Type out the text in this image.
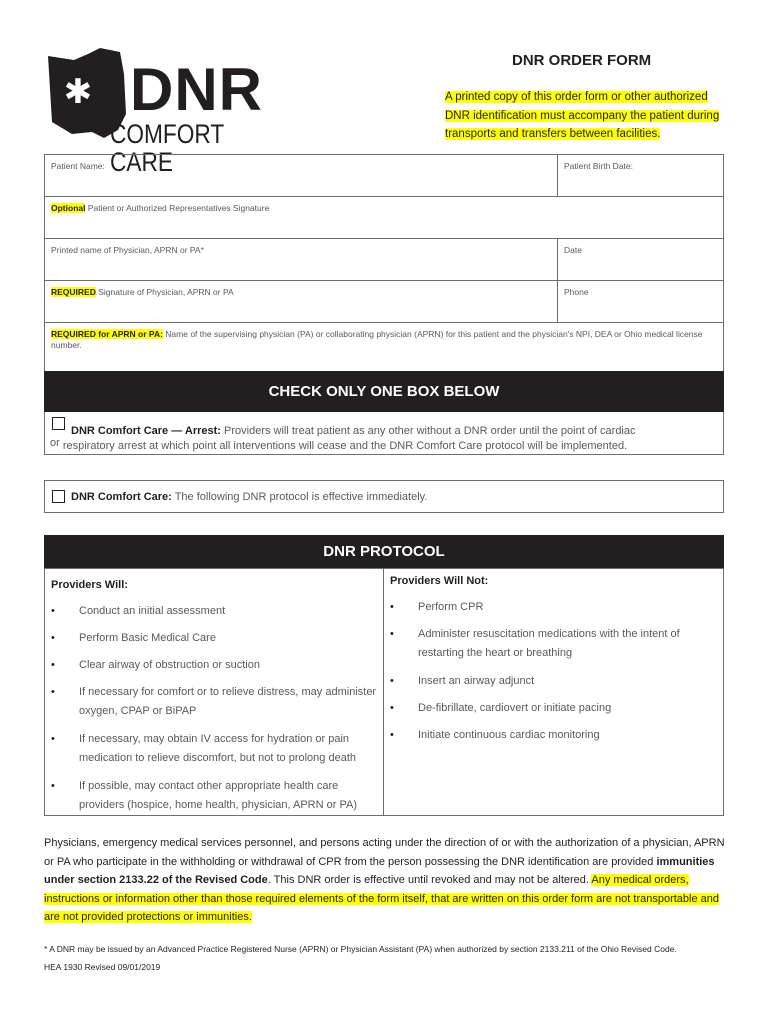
✱ DNR
COMFORT CARE
DNR ORDER FORM
A printed copy of this order form or other authorized DNR identification must accompany the patient during transports and transfers between facilities.
Patient Name:	Patient Birth Date:
Optional Patient or Authorized Representatives Signature
Printed name of Physician, APRN or PA*	Date
REQUIRED Signature of Physician, APRN or PA	Phone
REQUIRED for APRN or PA: Name of the supervising physician (PA) or collaborating physician (APRN) for this patient and the physician's NPI, DEA or Ohio medical license number.
CHECK ONLY ONE BOX BELOW
DNR Comfort Care — Arrest: Providers will treat patient as any other without a DNR order until the point of cardiac
or respiratory arrest at which point all interventions will cease and the DNR Comfort Care protocol will be implemented.
DNR Comfort Care: The following DNR protocol is effective immediately.
DNR PROTOCOL
Providers Will:
• Conduct an initial assessment
• Perform Basic Medical Care
• Clear airway of obstruction or suction
• If necessary for comfort or to relieve distress, may administer
oxygen, CPAP or BiPAP
• If necessary, may obtain IV access for hydration or pain
medication to relieve discomfort, but not to prolong death
• If possible, may contact other appropriate health care
providers (hospice, home health, physician, APRN or PA)
Providers Will Not:
• Perform CPR
• Administer resuscitation medications with the intent of
restarting the heart or breathing
• Insert an airway adjunct
• De-fibrillate, cardiovert or initiate pacing
• Initiate continuous cardiac monitoring
Physicians, emergency medical services personnel, and persons acting under the direction of or with the authorization of a physician, APRN or PA who participate in the withholding or withdrawal of CPR from the person possessing the DNR identification are provided immunities under section 2133.22 of the Revised Code. This DNR order is effective until revoked and may not be altered. Any medical orders, instructions or information other than those required elements of the form itself, that are written on this order form are not transportable and are not provided protections or immunities.
* A DNR may be issued by an Advanced Practice Registered Nurse (APRN) or Physician Assistant (PA) when authorized by section 2133.211 of the Ohio Revised Code.
HEA 1930 Revised 09/01/2019
